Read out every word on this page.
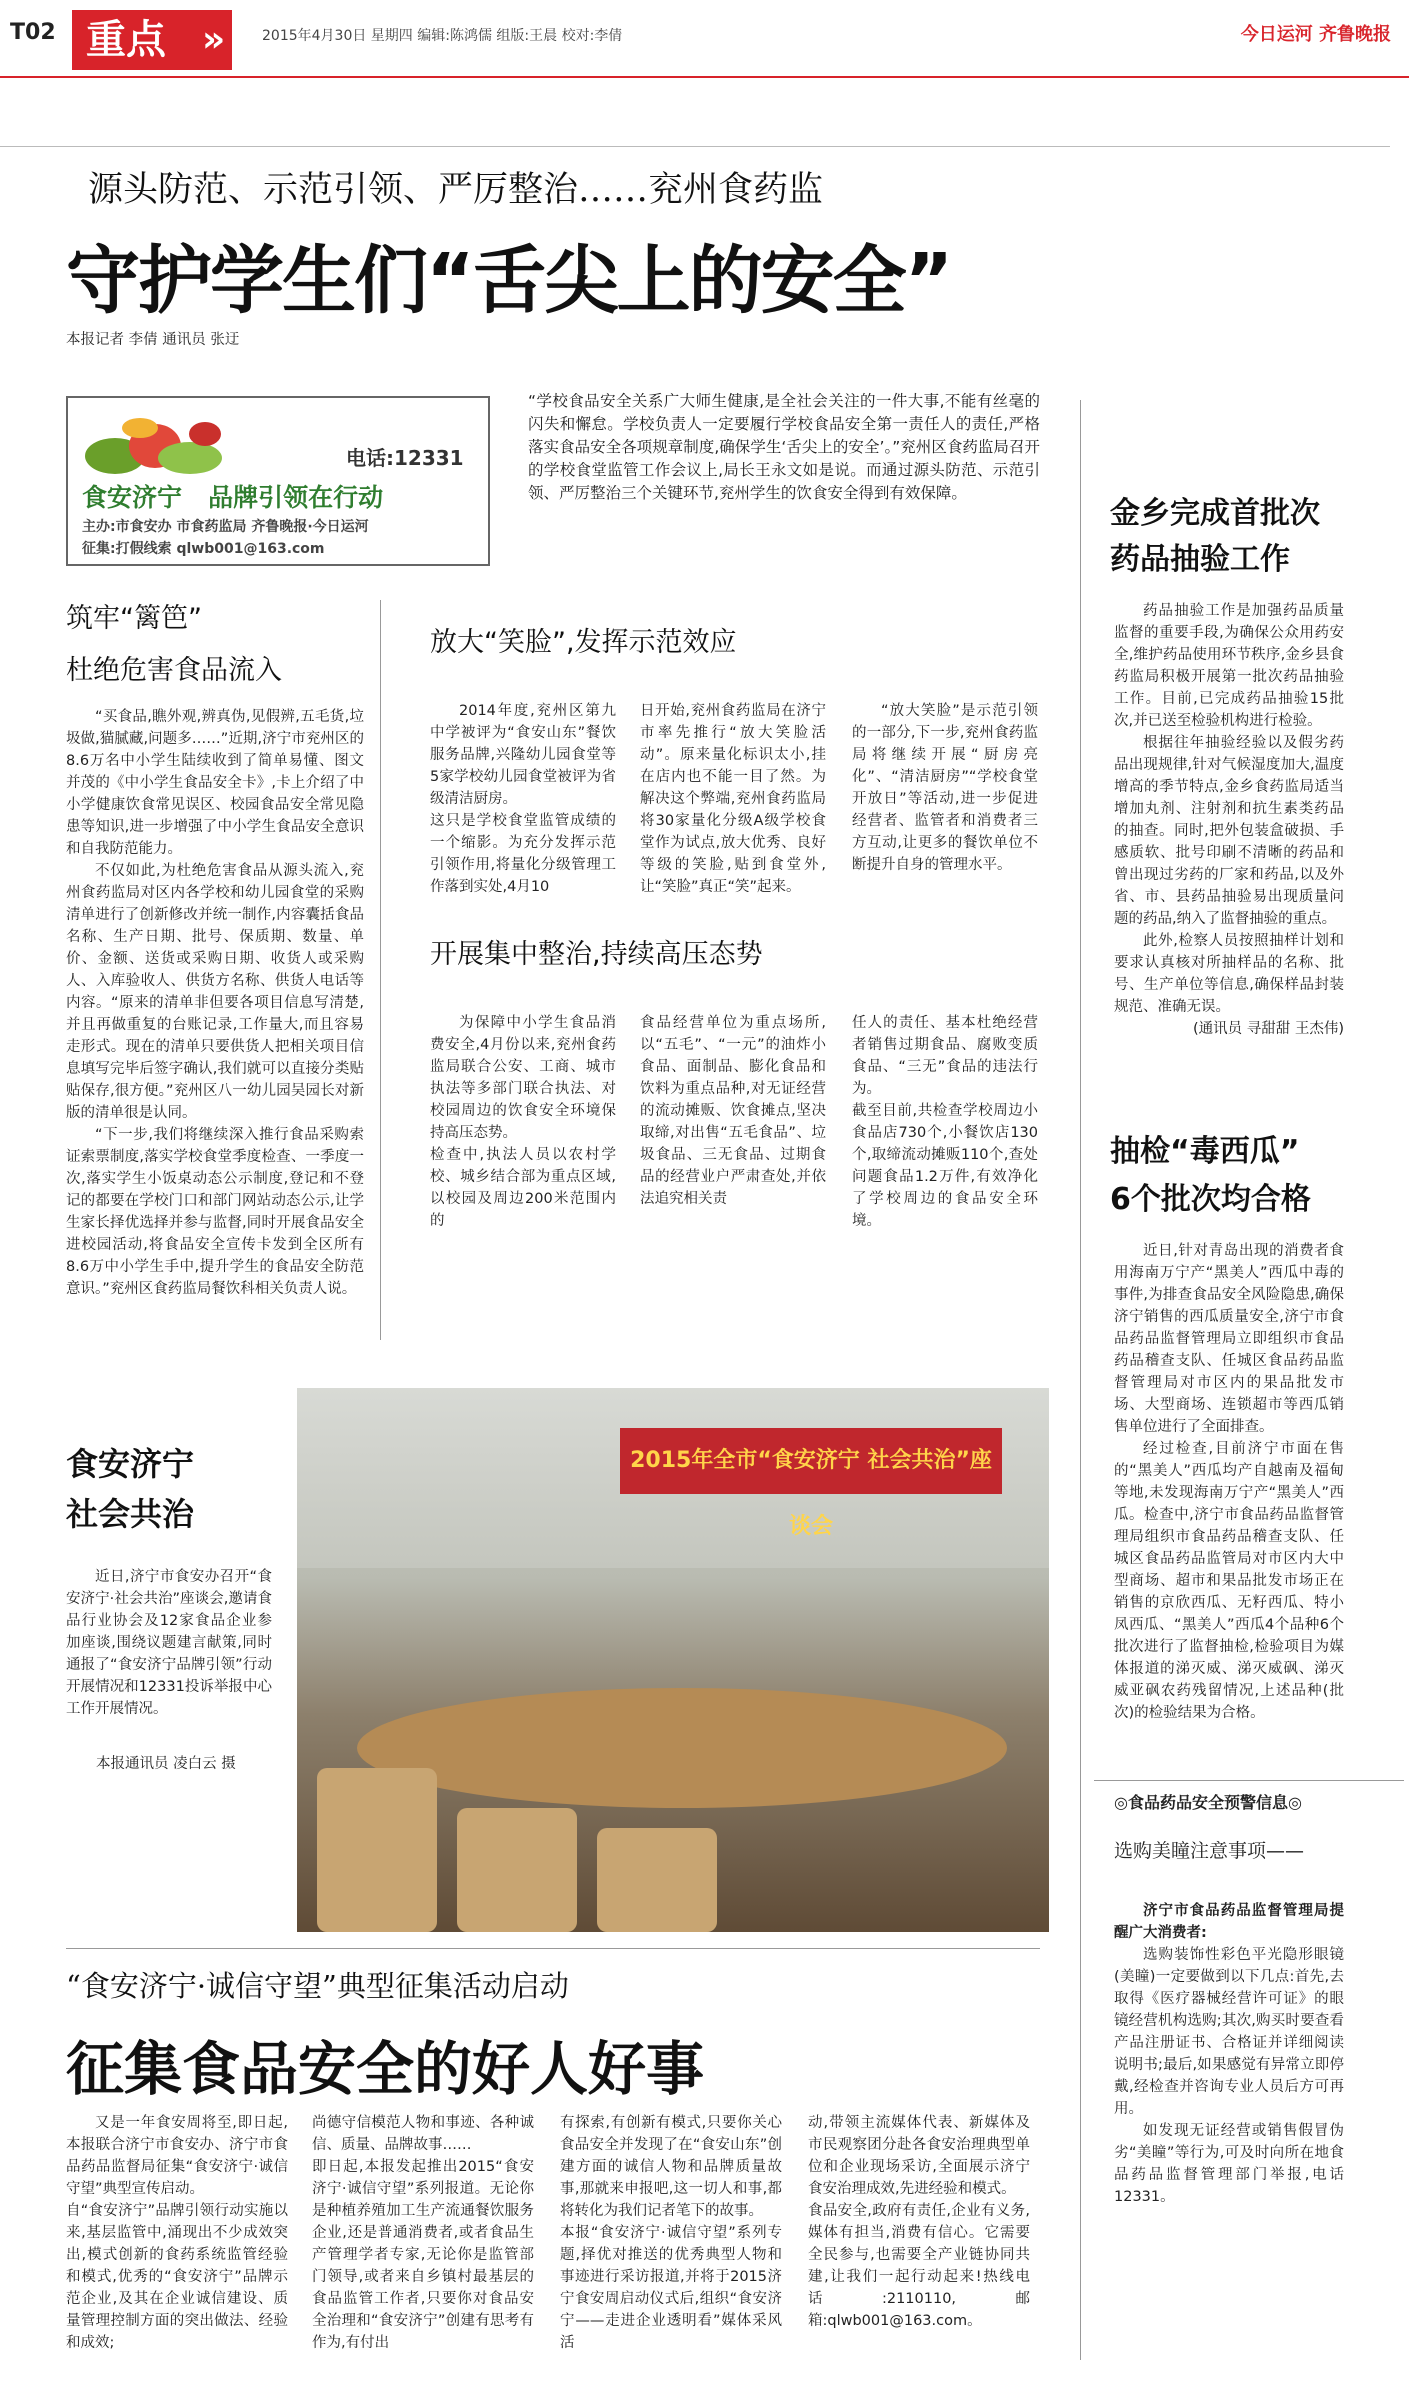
T02 重点 »	2015年4月30日 星期四 编辑:陈鸿儒 组版:王晨 校对:李倩	今日运河 齐鲁晚报
源头防范、示范引领、严厉整治……兖州食药监
守护学生们“舌尖上的安全”
本报记者 李倩 通讯员 张迂
“学校食品安全关系广大师生健康,是全社会关注的一件大事,不能有丝毫的闪失和懈怠。学校负责人一定要履行学校食品安全第一责任人的责任,严格落实食品安全各项规章制度,确保学生‘舌尖上的安全’。”兖州区食药监局召开的学校食堂监管工作会议上,局长王永文如是说。而通过源头防范、示范引领、严厉整治三个关键环节,兖州学生的饮食安全得到有效保障。
电话:12331
食安济宁   品牌引领在行动
主办:市食安办 市食药监局 齐鲁晚报·今日运河
征集:打假线索 qlwb001@163.com
筑牢“篱笆”
杜绝危害食品流入

“买食品,瞧外观,辨真伪,见假辨,五毛货,垃圾做,猫腻藏,问题多……”近期,济宁市兖州区的8.6万名中小学生陆续收到了简单易懂、图文并茂的《中小学生食品安全卡》,卡上介绍了中小学健康饮食常见误区、校园食品安全常见隐患等知识,进一步增强了中小学生食品安全意识和自我防范能力。

不仅如此,为杜绝危害食品从源头流入,兖州食药监局对区内各学校和幼儿园食堂的采购清单进行了创新修改并统一制作,内容囊括食品名称、生产日期、批号、保质期、数量、单价、金额、送货或采购日期、收货人或采购人、入库验收人、供货方名称、供货人电话等内容。“原来的清单非但要各项目信息写清楚,并且再做重复的台账记录,工作量大,而且容易走形式。现在的清单只要供货人把相关项目信息填写完毕后签字确认,我们就可以直接分类贴贴保存,很方便。”兖州区八一幼儿园吴园长对新版的清单很是认同。

“下一步,我们将继续深入推行食品采购索证索票制度,落实学校食堂季度检查、一季度一次,落实学生小饭桌动态公示制度,登记和不登记的都要在学校门口和部门网站动态公示,让学生家长择优选择并参与监督,同时开展食品安全进校园活动,将食品安全宣传卡发到全区所有8.6万中小学生手中,提升学生的食品安全防范意识。”兖州区食药监局餐饮科相关负责人说。

放大“笑脸”,发挥示范效应
2014年度,兖州区第九中学被评为“食安山东”餐饮服务品牌,兴隆幼儿园食堂等5家学校幼儿园食堂被评为省级清洁厨房。
这只是学校食堂监管成绩的一个缩影。为充分发挥示范引领作用,将量化分级管理工作落到实处,4月10
日开始,兖州食药监局在济宁市率先推行“放大笑脸活动”。原来量化标识太小,挂在店内也不能一目了然。为解决这个弊端,兖州食药监局将30家量化分级A级学校食堂作为试点,放大优秀、良好等级的笑脸,贴到食堂外,让“笑脸”真正“笑”起来。
“放大笑脸”是示范引领的一部分,下一步,兖州食药监局将继续开展“厨房亮化”、“清洁厨房”“学校食堂开放日”等活动,进一步促进经营者、监管者和消费者三方互动,让更多的餐饮单位不断提升自身的管理水平。
开展集中整治,持续高压态势
为保障中小学生食品消费安全,4月份以来,兖州食药监局联合公安、工商、城市执法等多部门联合执法、对校园周边的饮食安全环境保持高压态势。
检查中,执法人员以农村学校、城乡结合部为重点区域,以校园及周边200米范围内的
食品经营单位为重点场所,以“五毛”、“一元”的油炸小食品、面制品、膨化食品和饮料为重点品种,对无证经营的流动摊贩、饮食摊点,坚决取缔,对出售“五毛食品”、垃圾食品、三无食品、过期食品的经营业户严肃查处,并依法追究相关责
任人的责任、基本杜绝经营者销售过期食品、腐败变质食品、“三无”食品的违法行为。
截至目前,共检查学校周边小食品店730个,小餐饮店130个,取缔流动摊贩110个,查处问题食品1.2万件,有效净化了学校周边的食品安全环境。
2015年全市“食安济宁 社会共治”座谈会
食安济宁
社会共治
近日,济宁市食安办召开“食安济宁·社会共治”座谈会,邀请食品行业协会及12家食品企业参加座谈,围绕议题建言献策,同时通报了“食安济宁品牌引领”行动开展情况和12331投诉举报中心工作开展情况。
本报通讯员 凌白云 摄
“食安济宁·诚信守望”典型征集活动启动
征集食品安全的好人好事
又是一年食安周将至,即日起,本报联合济宁市食安办、济宁市食品药品监督局征集“食安济宁·诚信守望”典型宣传启动。
自“食安济宁”品牌引领行动实施以来,基层监管中,涌现出不少成效突出,模式创新的食药系统监管经验和模式,优秀的“食安济宁”品牌示范企业,及其在企业诚信建设、质量管理控制方面的突出做法、经验和成效;
尚德守信模范人物和事迹、各种诚信、质量、品牌故事……
即日起,本报发起推出2015“食安济宁·诚信守望”系列报道。无论你是种植养殖加工生产流通餐饮服务企业,还是普通消费者,或者食品生产管理学者专家,无论你是监管部门领导,或者来自乡镇村最基层的食品监管工作者,只要你对食品安全治理和“食安济宁”创建有思考有作为,有付出
有探索,有创新有模式,只要你关心食品安全并发现了在“食安山东”创建方面的诚信人物和品牌质量故事,那就来申报吧,这一切人和事,都将转化为我们记者笔下的故事。
本报“食安济宁·诚信守望”系列专题,择优对推送的优秀典型人物和事迹进行采访报道,并将于2015济宁食安周启动仪式后,组织“食安济宁——走进企业透明看”媒体采风活
动,带领主流媒体代表、新媒体及市民观察团分赴各食安治理典型单位和企业现场采访,全面展示济宁食安治理成效,先进经验和模式。
食品安全,政府有责任,企业有义务,媒体有担当,消费有信心。它需要全民参与,也需要全产业链协同共建,让我们一起行动起来!热线电话:2110110,邮箱:qlwb001@163.com。
金乡完成首批次
药品抽验工作

药品抽验工作是加强药品质量监督的重要手段,为确保公众用药安全,维护药品使用环节秩序,金乡县食药监局积极开展第一批次药品抽验工作。目前,已完成药品抽验15批次,并已送至检验机构进行检验。

根据往年抽验经验以及假劣药品出现规律,针对气候湿度加大,温度增高的季节特点,金乡食药监局适当增加丸剂、注射剂和抗生素类药品的抽查。同时,把外包装盒破损、手感质软、批号印刷不清晰的药品和曾出现过劣药的厂家和药品,以及外省、市、县药品抽验易出现质量问题的药品,纳入了监督抽验的重点。

此外,检察人员按照抽样计划和要求认真核对所抽样品的名称、批号、生产单位等信息,确保样品封装规范、准确无误。

(通讯员 寻甜甜 王杰伟)

抽检“毒西瓜”
6个批次均合格

近日,针对青岛出现的消费者食用海南万宁产“黑美人”西瓜中毒的事件,为排查食品安全风险隐患,确保济宁销售的西瓜质量安全,济宁市食品药品监督管理局立即组织市食品药品稽查支队、任城区食品药品监督管理局对市区内的果品批发市场、大型商场、连锁超市等西瓜销售单位进行了全面排查。

经过检查,目前济宁市面在售的“黑美人”西瓜均产自越南及福甸等地,未发现海南万宁产“黑美人”西瓜。检查中,济宁市食品药品监督管理局组织市食品药品稽查支队、任城区食品药品监管局对市区内大中型商场、超市和果品批发市场正在销售的京欣西瓜、无籽西瓜、特小凤西瓜、“黑美人”西瓜4个品种6个批次进行了监督抽检,检验项目为媒体报道的涕灭威、涕灭威砜、涕灭威亚砜农药残留情况,上述品种(批次)的检验结果为合格。

◎食品药品安全预警信息◎
选购美瞳注意事项——

济宁市食品药品监督管理局提醒广大消费者:

选购装饰性彩色平光隐形眼镜(美瞳)一定要做到以下几点:首先,去取得《医疗器械经营许可证》的眼镜经营机构选购;其次,购买时要查看产品注册证书、合格证并详细阅读说明书;最后,如果感觉有异常立即停戴,经检查并咨询专业人员后方可再用。

如发现无证经营或销售假冒伪劣“美瞳”等行为,可及时向所在地食品药品监督管理部门举报,电话12331。
